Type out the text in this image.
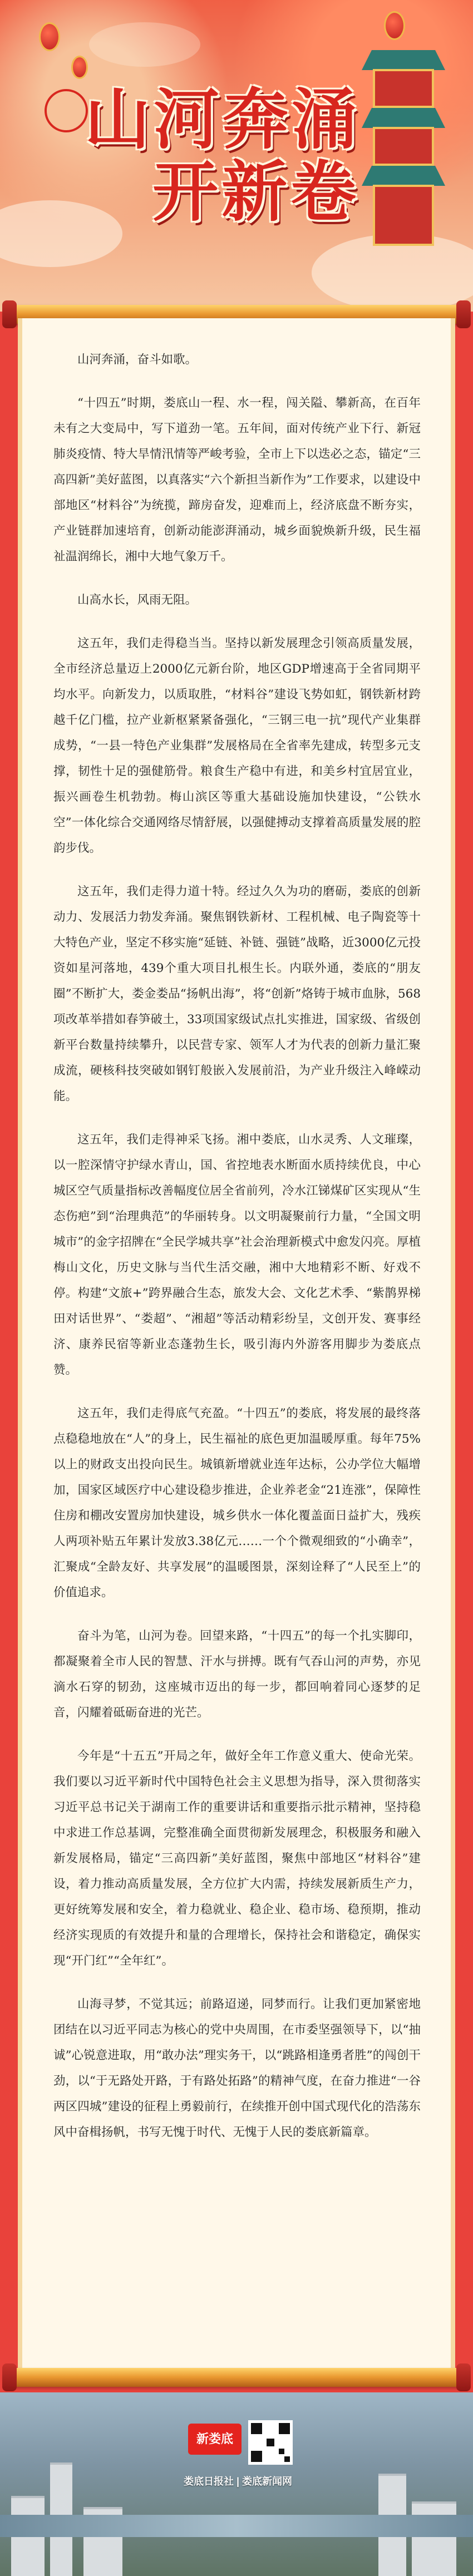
山河奔涌
开新卷

山河奔涌，奋斗如歌。

“十四五”时期，娄底山一程、水一程，闯关隘、攀新高，在百年未有之大变局中，写下道劲一笔。五年间，面对传统产业下行、新冠肺炎疫情、特大旱情汛情等严峻考验，全市上下以迭必之态，锚定“三高四新”美好蓝图，以真落实“六个新担当新作为”工作要求，以建设中部地区“材料谷”为统揽，蹄房奋发，迎难而上，经济底盘不断夯实，产业链群加速培育，创新动能澎湃涌动，城乡面貌焕新升级，民生福祉温润绵长，湘中大地气象万千。

山高水长，风雨无阻。

这五年，我们走得稳当当。坚持以新发展理念引领高质量发展，全市经济总量迈上2000亿元新台阶，地区GDP增速高于全省同期平均水平。向新发力，以质取胜，“材料谷”建设飞势如虹，钢铁新材跨越千亿门槛，拉产业新枢紧紧备强化，“三钢三电一抗”现代产业集群成势，“一县一特色产业集群”发展格局在全省率先建成，转型多元支撑，韧性十足的强健筋骨。粮食生产稳中有进，和美乡村宜居宜业，振兴画卷生机勃勃。梅山滨区等重大基础设施加快建设，“公铁水空”一体化综合交通网络尽情舒展，以强健搏动支撑着高质量发展的腔韵步伐。

这五年，我们走得力道十特。经过久久为功的磨砺，娄底的创新动力、发展活力勃发奔涌。聚焦钢铁新材、工程机械、电子陶瓷等十大特色产业，坚定不移实施“延链、补链、强链”战略，近3000亿元投资如星河落地，439个重大项目扎根生长。内联外通，娄底的“朋友圈”不断扩大，娄金娄品“扬帆出海”，将“创新”烙铸于城市血脉，568项改革举措如春笋破土，33项国家级试点扎实推进，国家级、省级创新平台数量持续攀升，以民营专家、领军人才为代表的创新力量汇聚成流，硬核科技突破如钢钉般嵌入发展前沿，为产业升级注入峰嵘动能。

这五年，我们走得神采飞扬。湘中娄底，山水灵秀、人文璀璨，以一腔深情守护绿水青山，国、省控地表水断面水质持续优良，中心城区空气质量指标改善幅度位居全省前列，冷水江锑煤矿区实现从“生态伤疤”到“治理典范”的华丽转身。以文明凝聚前行力量，“全国文明城市”的金字招牌在“全民学城共享”社会治理新模式中愈发闪亮。厚植梅山文化，历史文脉与当代生活交融，湘中大地精彩不断、好戏不停。构建“文旅+”跨界融合生态，旅发大会、文化艺术季、“紫鹊界梯田对话世界”、“娄超”、“湘超”等活动精彩纷呈，文创开发、赛事经济、康养民宿等新业态蓬勃生长，吸引海内外游客用脚步为娄底点赞。

这五年，我们走得底气充盈。“十四五”的娄底，将发展的最终落点稳稳地放在“人”的身上，民生福祉的底色更加温暖厚重。每年75%以上的财政支出投向民生。城镇新增就业连年达标，公办学位大幅增加，国家区域医疗中心建设稳步推进，企业养老金“21连涨”，保障性住房和棚改安置房加快建设，城乡供水一体化覆盖面日益扩大，残疾人两项补贴五年累计发放3.38亿元……一个个微观细致的“小确幸”，汇聚成“全龄友好、共享发展”的温暖图景，深刻诠释了“人民至上”的价值追求。

奋斗为笔，山河为卷。回望来路，“十四五”的每一个扎实脚印，都凝聚着全市人民的智慧、汗水与拼搏。既有气吞山河的声势，亦见滴水石穿的韧劲，这座城市迈出的每一步，都回响着同心逐梦的足音，闪耀着砥砺奋进的光芒。

今年是“十五五”开局之年，做好全年工作意义重大、使命光荣。我们要以习近平新时代中国特色社会主义思想为指导，深入贯彻落实习近平总书记关于湖南工作的重要讲话和重要指示批示精神，坚持稳中求进工作总基调，完整准确全面贯彻新发展理念，积极服务和融入新发展格局，锚定“三高四新”美好蓝图，聚焦中部地区“材料谷”建设，着力推动高质量发展，全方位扩大内需，持续发展新质生产力，更好统筹发展和安全，着力稳就业、稳企业、稳市场、稳预期，推动经济实现质的有效提升和量的合理增长，保持社会和谐稳定，确保实现“开门红”“全年红”。

山海寻梦，不觉其远；前路迢递，同梦而行。让我们更加紧密地团结在以习近平同志为核心的党中央周围，在市委坚强领导下，以“抽诚”心锐意进取，用“敢办法”理实务干，以“跳路相逢勇者胜”的闯创干劲，以“于无路处开路，于有路处拓路”的精神气度，在奋力推进“一谷两区四城”建设的征程上勇毅前行，在续推开创中国式现代化的浩荡东风中奋楫扬帆，书写无愧于时代、无愧于人民的娄底新篇章。

新娄底
娄底日报社 | 娄底新闻网
